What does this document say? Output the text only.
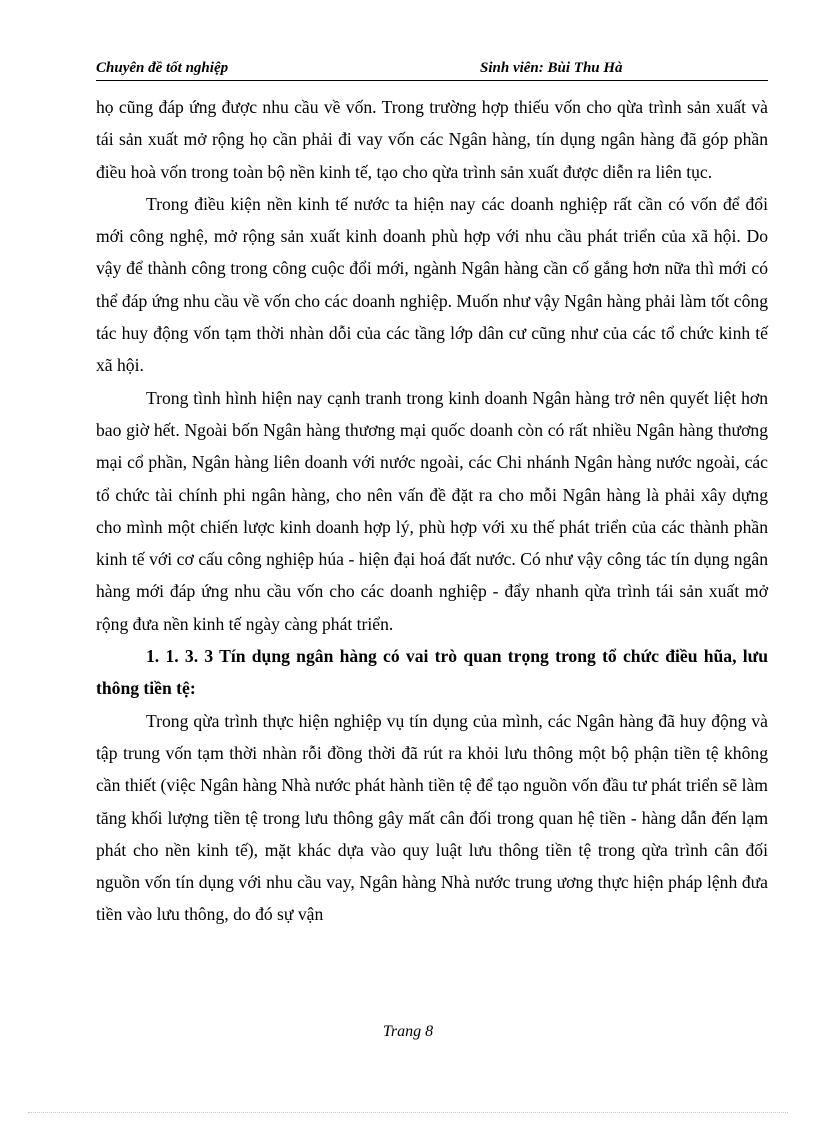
Chuyên đề tốt nghiệp	Sinh viên: Bùi Thu Hà

họ cũng đáp ứng được nhu cầu về vốn. Trong trường hợp thiếu vốn cho qừa trình sản xuất và tái sản xuất mở rộng họ cần phải đi vay vốn các Ngân hàng, tín dụng ngân hàng đã góp phần điều hoà vốn trong toàn bộ nền kinh tế, tạo cho qừa trình sản xuất được diễn ra liên tục.

Trong điều kiện nền kinh tế nước ta hiện nay các doanh nghiệp rất cần có vốn để đổi mới công nghệ, mở rộng sản xuất kinh doanh phù hợp với nhu cầu phát triển của xã hội. Do vậy để thành công trong công cuộc đổi mới, ngành Ngân hàng cần cố gắng hơn nữa thì mới có thể đáp ứng nhu cầu về vốn cho các doanh nghiệp. Muốn như vậy Ngân hàng phải làm tốt công tác huy động vốn tạm thời nhàn dỗi của các tầng lớp dân cư cũng như của các tổ chức kinh tế xã hội.

Trong tình hình hiện nay cạnh tranh trong kinh doanh Ngân hàng trở nên quyết liệt hơn bao giờ hết. Ngoài bốn Ngân hàng thương mại quốc doanh còn có rất nhiều Ngân hàng thương mại cổ phần, Ngân hàng liên doanh với nước ngoài, các Chi nhánh Ngân hàng nước ngoài, các tổ chức tài chính phi ngân hàng, cho nên vấn đề đặt ra cho mỗi Ngân hàng là phải xây dựng cho mình một chiến lược kinh doanh hợp lý, phù hợp với xu thế phát triển của các thành phần kinh tế với cơ cấu công nghiệp húa - hiện đại hoá đất nước. Có như vậy công tác tín dụng ngân hàng mới đáp ứng nhu cầu vốn cho các doanh nghiệp - đẩy nhanh qừa trình tái sản xuất mở rộng đưa nền kinh tế ngày càng phát triển.

1. 1. 3. 3 Tín dụng ngân hàng có vai trò quan trọng trong tổ chức điều hũa, lưu thông tiền tệ:

Trong qừa trình thực hiện nghiệp vụ tín dụng của mình, các Ngân hàng đã huy động và tập trung vốn tạm thời nhàn rỗi đồng thời đã rút ra khỏi lưu thông một bộ phận tiền tệ không cần thiết (việc Ngân hàng Nhà nước phát hành tiền tệ để tạo nguồn vốn đầu tư phát triển sẽ làm tăng khối lượng tiền tệ trong lưu thông gây mất cân đối trong quan hệ tiền - hàng dẫn đến lạm phát cho nền kinh tế), mặt khác dựa vào quy luật lưu thông tiền tệ trong qừa trình cân đối nguồn vốn tín dụng với nhu cầu vay, Ngân hàng Nhà nước trung ương thực hiện pháp lệnh đưa tiền vào lưu thông, do đó sự vận

Trang 8
